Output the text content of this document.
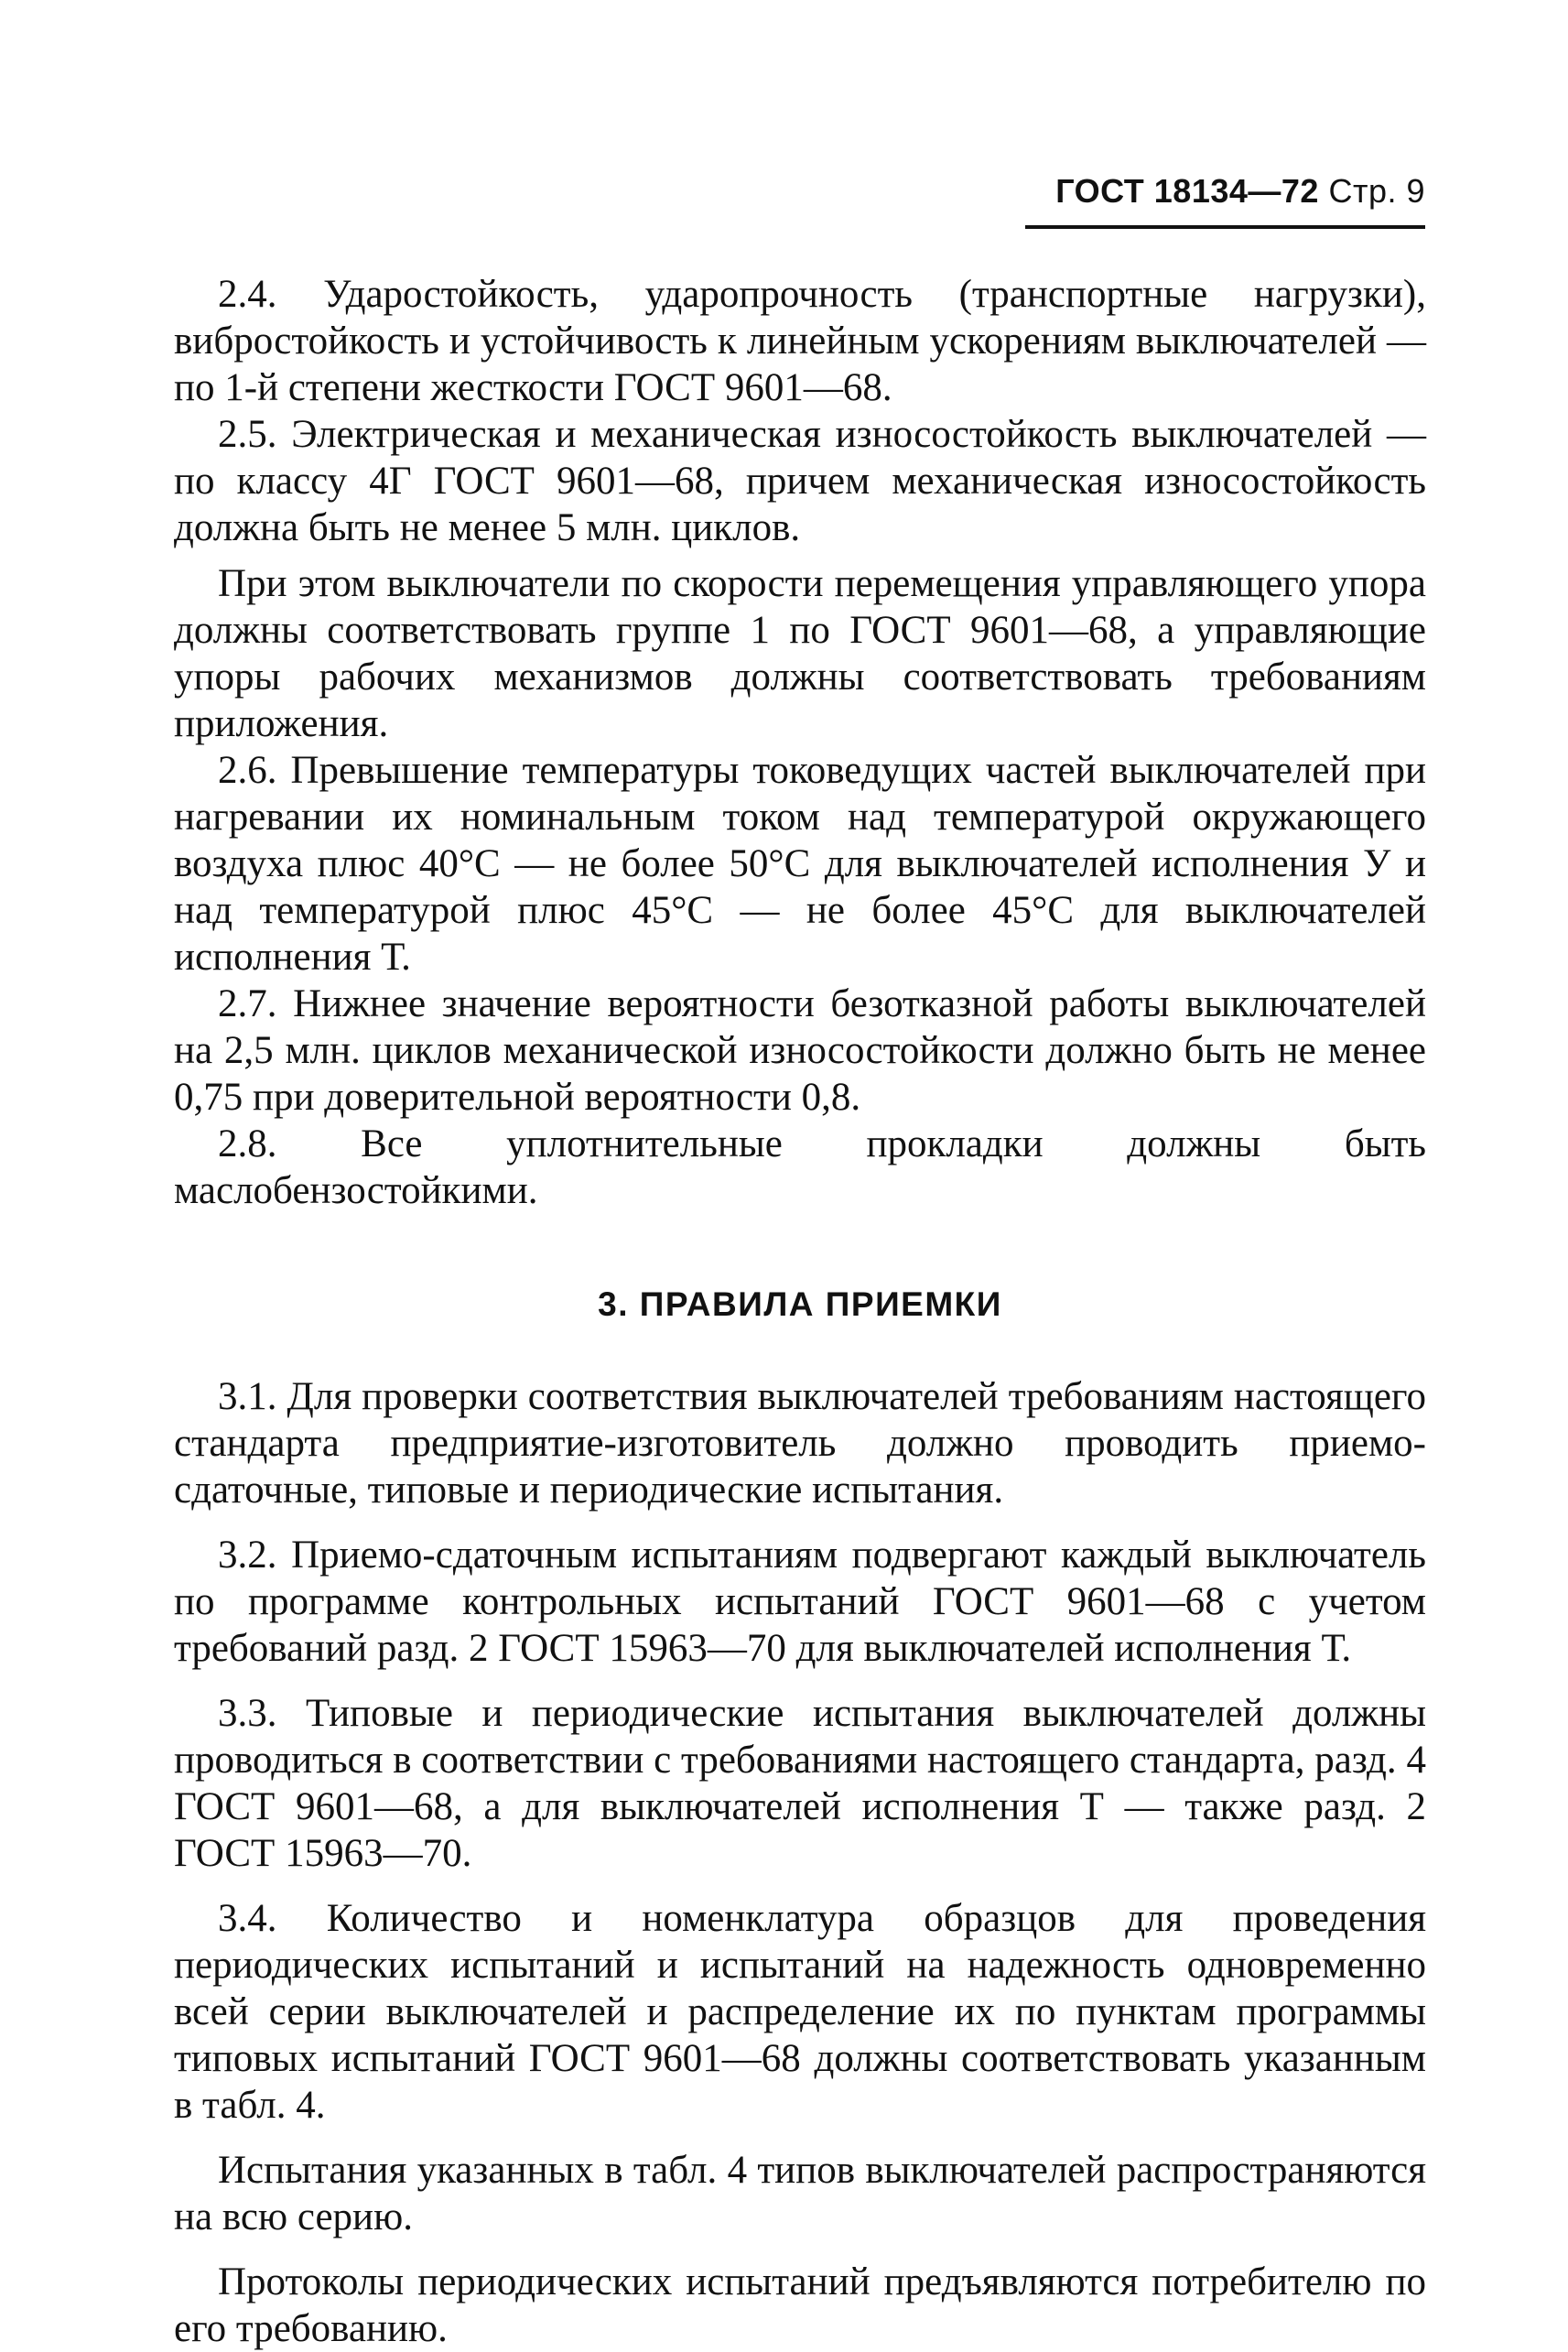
ГОСТ 18134—72 Стр. 9

2.4. Ударостойкость, ударопрочность (транспортные нагрузки), вибростойкость и устойчивость к линейным ускорениям выключателей — по 1-й степени жесткости ГОСТ 9601—68.

2.5. Электрическая и механическая износостойкость выключателей — по классу 4Г ГОСТ 9601—68, причем механическая износостойкость должна быть не менее 5 млн. циклов.

При этом выключатели по скорости перемещения управляющего упора должны соответствовать группе 1 по ГОСТ 9601—68, а управляющие упоры рабочих механизмов должны соответствовать требованиям приложения.

2.6. Превышение температуры токоведущих частей выключателей при нагревании их номинальным током над температурой окружающего воздуха плюс 40°С — не более 50°С для выключателей исполнения У и над температурой плюс 45°С — не более 45°С для выключателей исполнения Т.

2.7. Нижнее значение вероятности безотказной работы выключателей на 2,5 млн. циклов механической износостойкости должно быть не менее 0,75 при доверительной вероятности 0,8.

2.8. Все уплотнительные прокладки должны быть маслобензостойкими.

3. ПРАВИЛА ПРИЕМКИ

3.1. Для проверки соответствия выключателей требованиям настоящего стандарта предприятие-изготовитель должно проводить приемо-сдаточные, типовые и периодические испытания.

3.2. Приемо-сдаточным испытаниям подвергают каждый выключатель по программе контрольных испытаний ГОСТ 9601—68 с учетом требований разд. 2 ГОСТ 15963—70 для выключателей исполнения Т.

3.3. Типовые и периодические испытания выключателей должны проводиться в соответствии с требованиями настоящего стандарта, разд. 4 ГОСТ 9601—68, а для выключателей исполнения Т — также разд. 2 ГОСТ 15963—70.

3.4. Количество и номенклатура образцов для проведения периодических испытаний и испытаний на надежность одновременно всей серии выключателей и распределение их по пунктам программы типовых испытаний ГОСТ 9601—68 должны соответствовать указанным в табл. 4.

Испытания указанных в табл. 4 типов выключателей распространяются на всю серию.

Протоколы периодических испытаний предъявляются потребителю по его требованию.
